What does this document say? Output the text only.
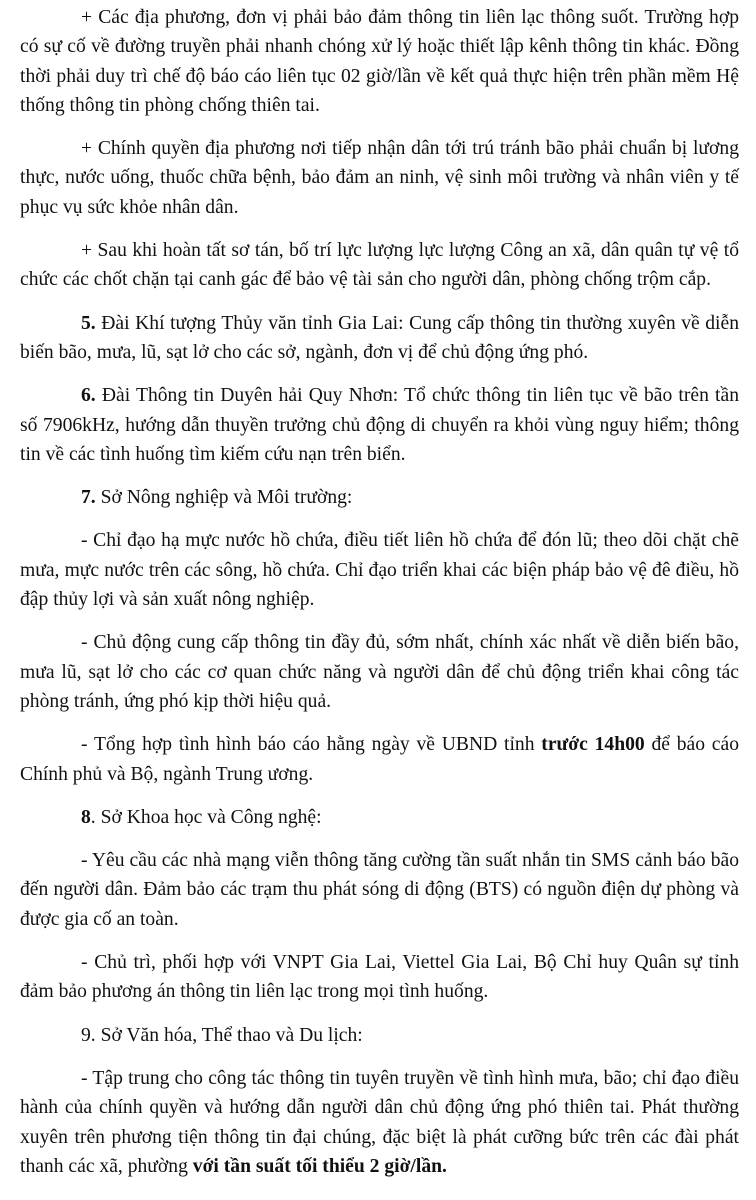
+ Các địa phương, đơn vị phải bảo đảm thông tin liên lạc thông suốt. Trường hợp có sự cố về đường truyền phải nhanh chóng xử lý hoặc thiết lập kênh thông tin khác. Đồng thời phải duy trì chế độ báo cáo liên tục 02 giờ/lần về kết quả thực hiện trên phần mềm Hệ thống thông tin phòng chống thiên tai.

+ Chính quyền địa phương nơi tiếp nhận dân tới trú tránh bão phải chuẩn bị lương thực, nước uống, thuốc chữa bệnh, bảo đảm an ninh, vệ sinh môi trường và nhân viên y tế phục vụ sức khỏe nhân dân.

+ Sau khi hoàn tất sơ tán, bố trí lực lượng lực lượng Công an xã, dân quân tự vệ tổ chức các chốt chặn tại canh gác để bảo vệ tài sản cho người dân, phòng chống trộm cắp.

5. Đài Khí tượng Thủy văn tỉnh Gia Lai: Cung cấp thông tin thường xuyên về diễn biến bão, mưa, lũ, sạt lở cho các sở, ngành, đơn vị để chủ động ứng phó.

6. Đài Thông tin Duyên hải Quy Nhơn: Tổ chức thông tin liên tục về bão trên tần số 7906kHz, hướng dẫn thuyền trưởng chủ động di chuyển ra khỏi vùng nguy hiểm; thông tin về các tình huống tìm kiếm cứu nạn trên biển.

7. Sở Nông nghiệp và Môi trường:

- Chỉ đạo hạ mực nước hồ chứa, điều tiết liên hồ chứa để đón lũ; theo dõi chặt chẽ mưa, mực nước trên các sông, hồ chứa. Chỉ đạo triển khai các biện pháp bảo vệ đê điều, hồ đập thủy lợi và sản xuất nông nghiệp.

- Chủ động cung cấp thông tin đầy đủ, sớm nhất, chính xác nhất về diễn biến bão, mưa lũ, sạt lở cho các cơ quan chức năng và người dân để chủ động triển khai công tác phòng tránh, ứng phó kịp thời hiệu quả.

- Tổng hợp tình hình báo cáo hằng ngày về UBND tỉnh trước 14h00 để báo cáo Chính phủ và Bộ, ngành Trung ương.

8. Sở Khoa học và Công nghệ:

- Yêu cầu các nhà mạng viễn thông tăng cường tần suất nhắn tin SMS cảnh báo bão đến người dân. Đảm bảo các trạm thu phát sóng di động (BTS) có nguồn điện dự phòng và được gia cố an toàn.

- Chủ trì, phối hợp với VNPT Gia Lai, Viettel Gia Lai, Bộ Chỉ huy Quân sự tỉnh đảm bảo phương án thông tin liên lạc trong mọi tình huống.

9. Sở Văn hóa, Thể thao và Du lịch:

- Tập trung cho công tác thông tin tuyên truyền về tình hình mưa, bão; chỉ đạo điều hành của chính quyền và hướng dẫn người dân chủ động ứng phó thiên tai. Phát thường xuyên trên phương tiện thông tin đại chúng, đặc biệt là phát cưỡng bức trên các đài phát thanh các xã, phường với tần suất tối thiểu 2 giờ/lần.
